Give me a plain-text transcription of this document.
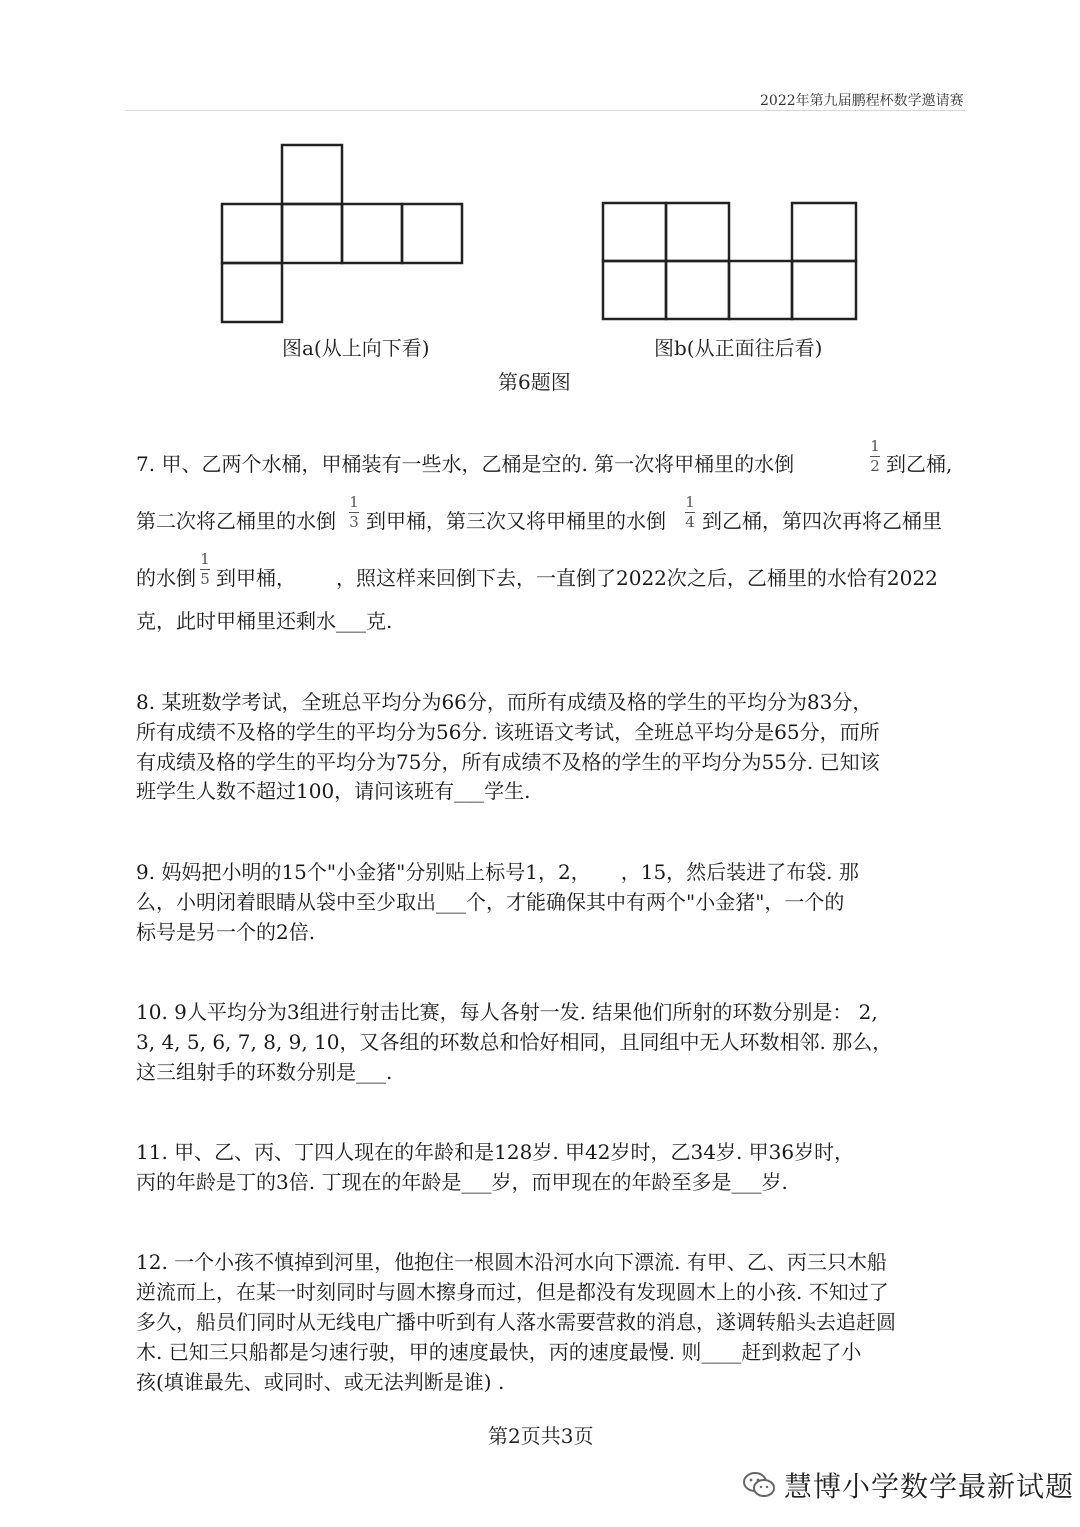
2022年第九届鹏程杯数学邀请赛
图a(从上向下看)	图b(从正面往后看)
第6题图
7. 甲、乙两个水桶，甲桶装有一些水，乙桶是空的. 第一次将甲桶里的水倒
1
2 到乙桶,
第二次将乙桶里的水倒
1
3 到甲桶，第三次又将甲桶里的水倒
1
4 到乙桶，第四次再将乙桶里
的水倒
1
5 到甲桶， ，照这样来回倒下去，一直倒了2022次之后，乙桶里的水恰有2022
克，此时甲桶里还剩水___克.
8. 某班数学考试，全班总平均分为66分，而所有成绩及格的学生的平均分为83分，
所有成绩不及格的学生的平均分为56分. 该班语文考试，全班总平均分是65分，而所
有成绩及格的学生的平均分为75分，所有成绩不及格的学生的平均分为55分. 已知该
班学生人数不超过100，请问该班有___学生.
9. 妈妈把小明的15个"小金猪"分别贴上标号1，2，　　，15，然后装进了布袋. 那
么，小明闭着眼睛从袋中至少取出___个，才能确保其中有两个"小金猪"，一个的
标号是另一个的2倍.
10. 9人平均分为3组进行射击比赛，每人各射一发. 结果他们所射的环数分别是： 2,
3, 4, 5, 6, 7, 8, 9, 10，又各组的环数总和恰好相同，且同组中无人环数相邻. 那么，
这三组射手的环数分别是___.
11. 甲、乙、丙、丁四人现在的年龄和是128岁. 甲42岁时，乙34岁. 甲36岁时，
丙的年龄是丁的3倍. 丁现在的年龄是___岁，而甲现在的年龄至多是___岁.
12. 一个小孩不慎掉到河里，他抱住一根圆木沿河水向下漂流. 有甲、乙、丙三只木船
逆流而上，在某一时刻同时与圆木擦身而过，但是都没有发现圆木上的小孩. 不知过了
多久，船员们同时从无线电广播中听到有人落水需要营救的消息，遂调转船头去追赶圆
木. 已知三只船都是匀速行驶，甲的速度最快，丙的速度最慢. 则____赶到救起了小
孩(填谁最先、或同时、或无法判断是谁) .
第2页共3页
慧博小学数学最新试题
